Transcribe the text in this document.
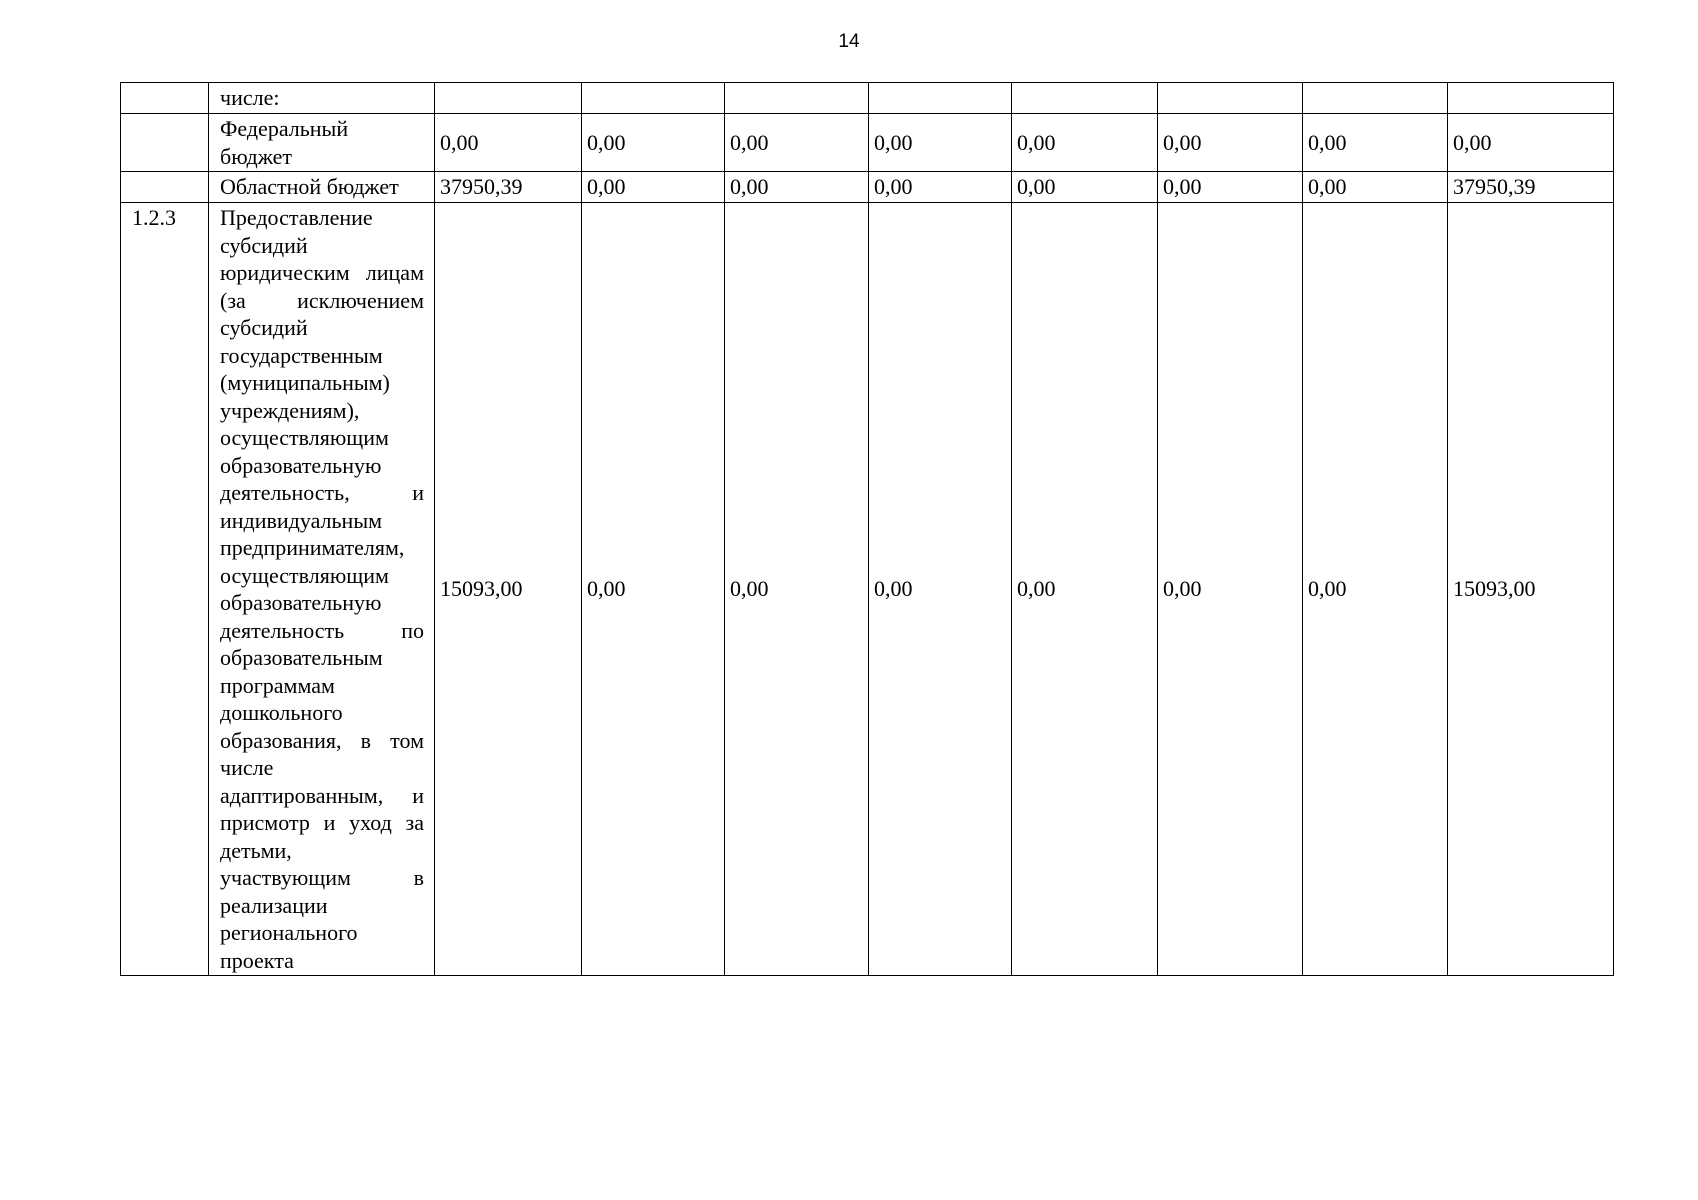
14
	числе:								
	Федеральный бюджет	0,00	0,00	0,00	0,00	0,00	0,00	0,00	0,00
	Областной бюджет	37950,39	0,00	0,00	0,00	0,00	0,00	0,00	37950,39
1.2.3	Предоставление субсидий юридическим лицам (за исключением субсидий государственным (муниципальным) учреждениям), осуществляющим образовательную деятельность, и индивидуальным предпринимателям, осуществляющим образовательную деятельность по образовательным программам дошкольного образования, в том числе адаптированным, и присмотр и уход за детьми, участвующим в реализации регионального проекта	15093,00	0,00	0,00	0,00	0,00	0,00	0,00	15093,00
